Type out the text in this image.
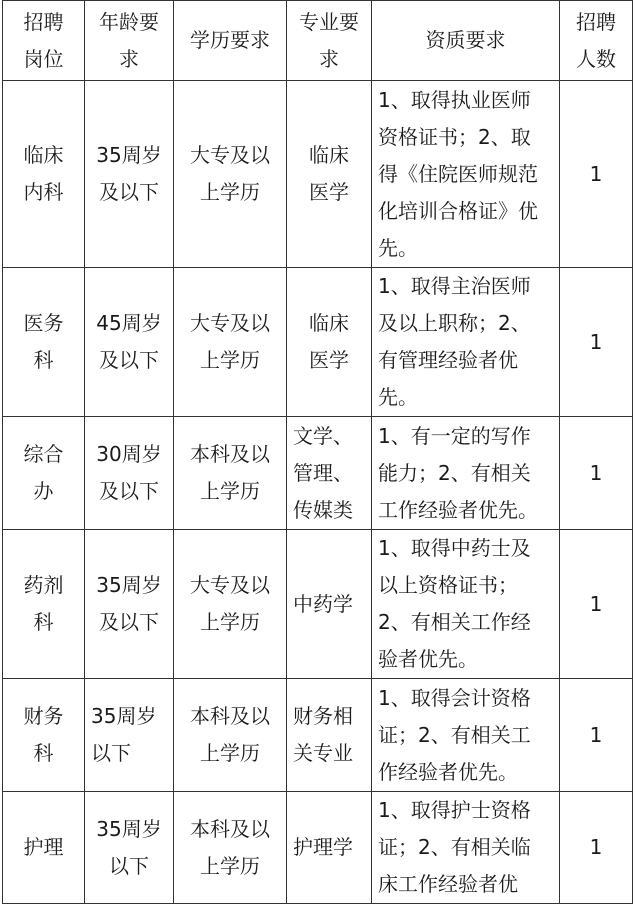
招聘
岗位	年龄要
求	学历要求	专业要
求	资质要求	招聘
人数
临床
内科	35周岁
及以下	大专及以
上学历	临床
医学	1、取得执业医师
资格证书；2、取
得《住院医师规范
化培训合格证》优
先。	1
医务
科	45周岁
及以下	大专及以
上学历	临床
医学	1、取得主治医师
及以上职称；2、
有管理经验者优
先。	1
综合
办	30周岁
及以下	本科及以
上学历	文学、
管理、
传媒类	1、有一定的写作
能力；2、有相关
工作经验者优先。	1
药剂
科	35周岁
及以下	大专及以
上学历	中药学	1、取得中药士及
以上资格证书；
2、有相关工作经
验者优先。	1
财务
科	35周岁
以下	本科及以
上学历	财务相
关专业	1、取得会计资格
证；2、有相关工
作经验者优先。	1
护理	35周岁
以下	本科及以
上学历	护理学	1、取得护士资格
证；2、有相关临
床工作经验者优	1
